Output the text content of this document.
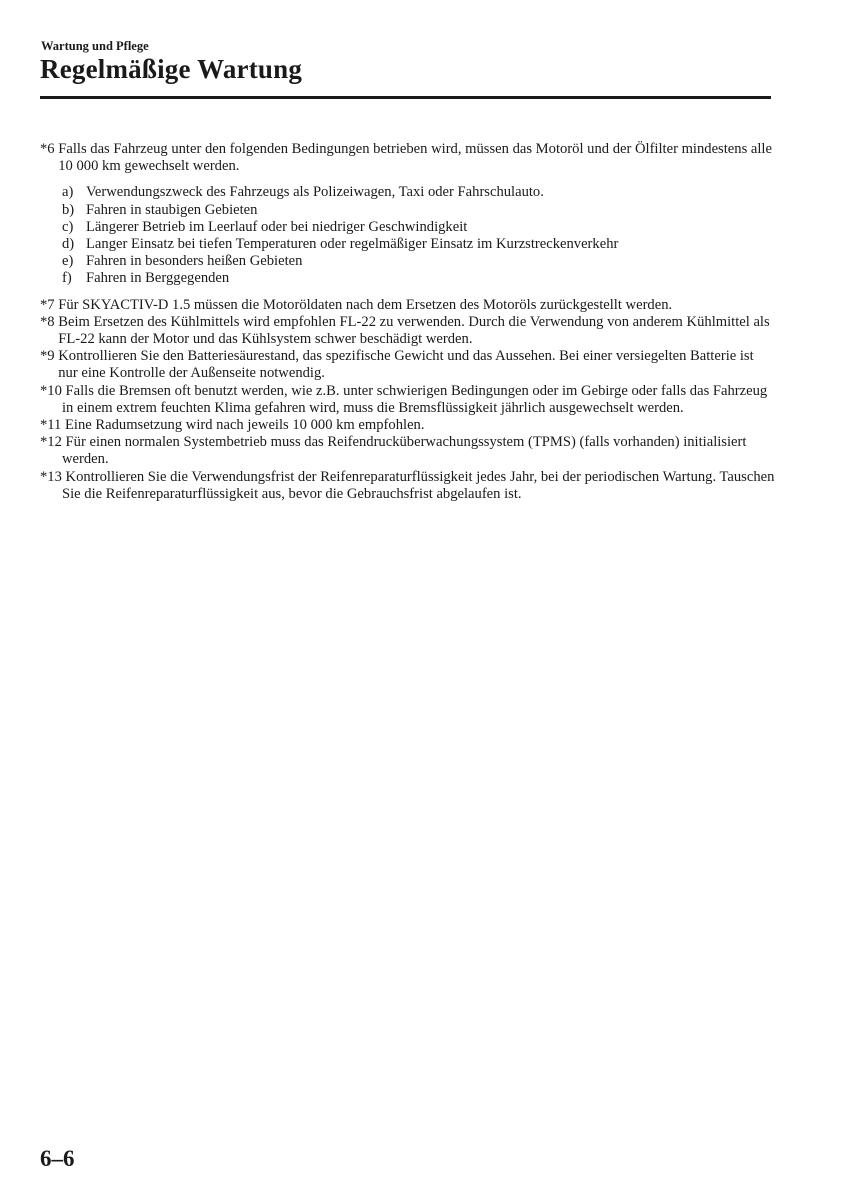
Wartung und Pflege
Regelmäßige Wartung
*6 Falls das Fahrzeug unter den folgenden Bedingungen betrieben wird, müssen das Motoröl und der Ölfilter mindestens alle 10 000 km gewechselt werden.
a) Verwendungszweck des Fahrzeugs als Polizeiwagen, Taxi oder Fahrschulauto.
b) Fahren in staubigen Gebieten
c) Längerer Betrieb im Leerlauf oder bei niedriger Geschwindigkeit
d) Langer Einsatz bei tiefen Temperaturen oder regelmäßiger Einsatz im Kurzstreckenverkehr
e) Fahren in besonders heißen Gebieten
f) Fahren in Berggegenden
*7 Für SKYACTIV-D 1.5 müssen die Motoröldaten nach dem Ersetzen des Motoröls zurückgestellt werden.
*8 Beim Ersetzen des Kühlmittels wird empfohlen FL-22 zu verwenden. Durch die Verwendung von anderem Kühlmittel als FL-22 kann der Motor und das Kühlsystem schwer beschädigt werden.
*9 Kontrollieren Sie den Batteriesäurestand, das spezifische Gewicht und das Aussehen. Bei einer versiegelten Batterie ist nur eine Kontrolle der Außenseite notwendig.
*10 Falls die Bremsen oft benutzt werden, wie z.B. unter schwierigen Bedingungen oder im Gebirge oder falls das Fahrzeug in einem extrem feuchten Klima gefahren wird, muss die Bremsflüssigkeit jährlich ausgewechselt werden.
*11 Eine Radumsetzung wird nach jeweils 10 000 km empfohlen.
*12 Für einen normalen Systembetrieb muss das Reifendrucküberwachungssystem (TPMS) (falls vorhanden) initialisiert werden.
*13 Kontrollieren Sie die Verwendungsfrist der Reifenreparaturflüssigkeit jedes Jahr, bei der periodischen Wartung. Tauschen Sie die Reifenreparaturflüssigkeit aus, bevor die Gebrauchsfrist abgelaufen ist.
6–6
